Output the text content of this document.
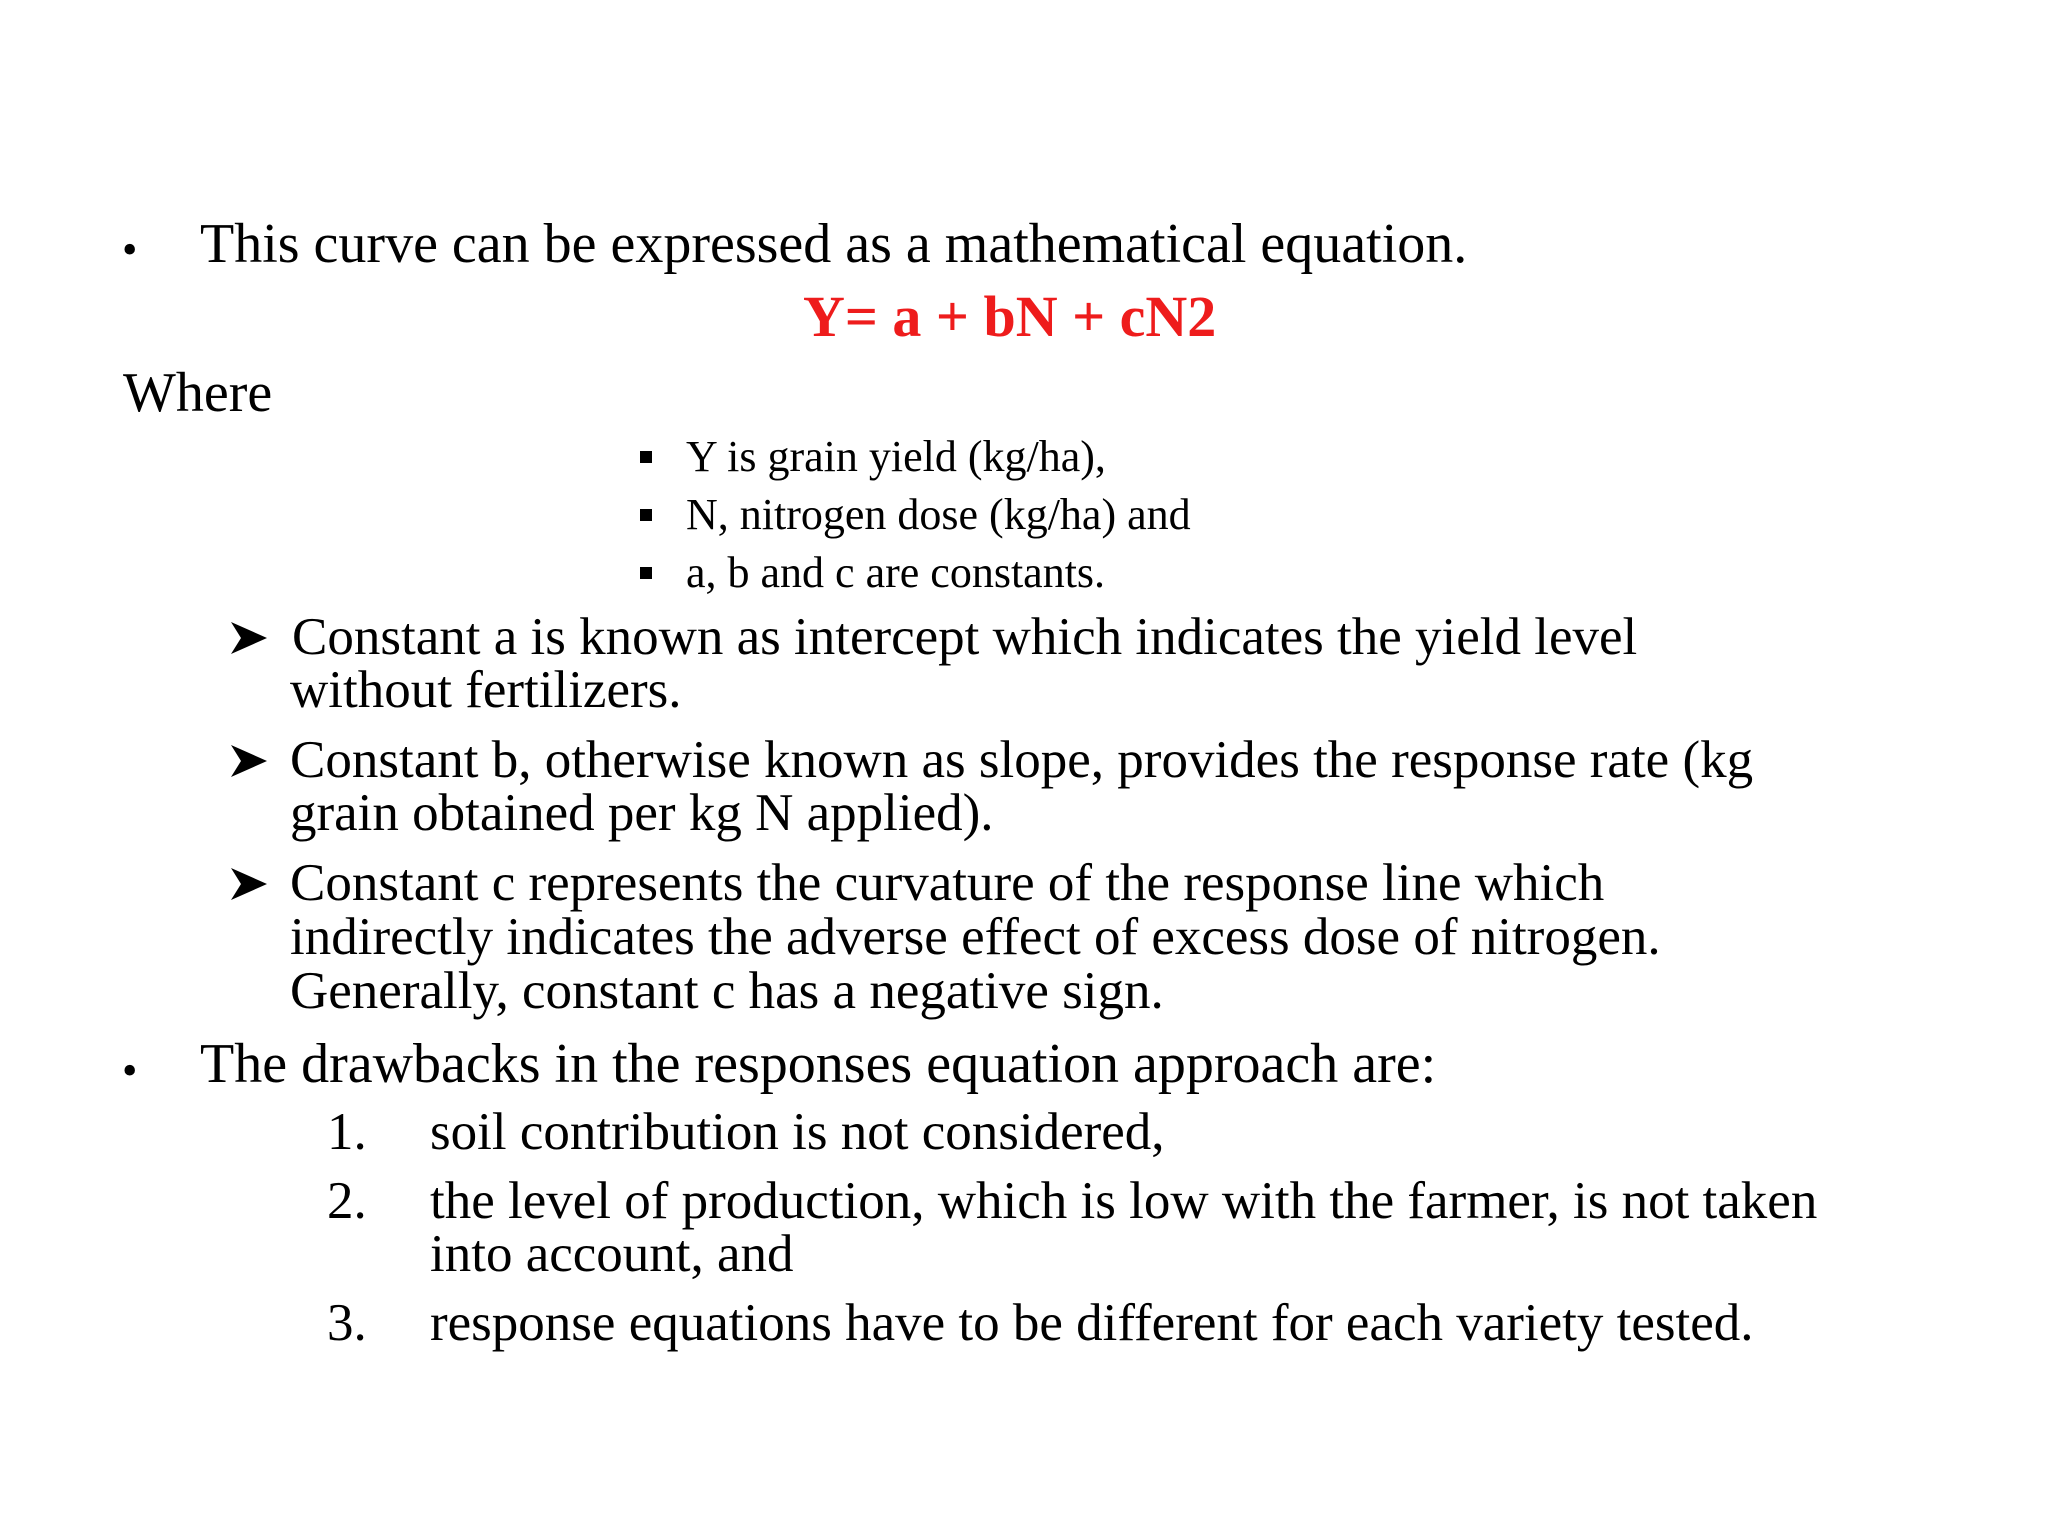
• This curve can be expressed as a mathematical equation.
Y= a + bN + cN2
Where
Y is grain yield (kg/ha),
N, nitrogen dose (kg/ha) and
a, b and c are constants.
Constant a is known as intercept which indicates the yield level
without fertilizers.
Constant b, otherwise known as slope, provides the response rate (kg
grain obtained per kg N applied).
Constant c represents the curvature of the response line which
indirectly indicates the adverse effect of excess dose of nitrogen.
Generally, constant c has a negative sign.
• The drawbacks in the responses equation approach are:
1. soil contribution is not considered,
2. the level of production, which is low with the farmer, is not taken
into account, and
3. response equations have to be different for each variety tested.
